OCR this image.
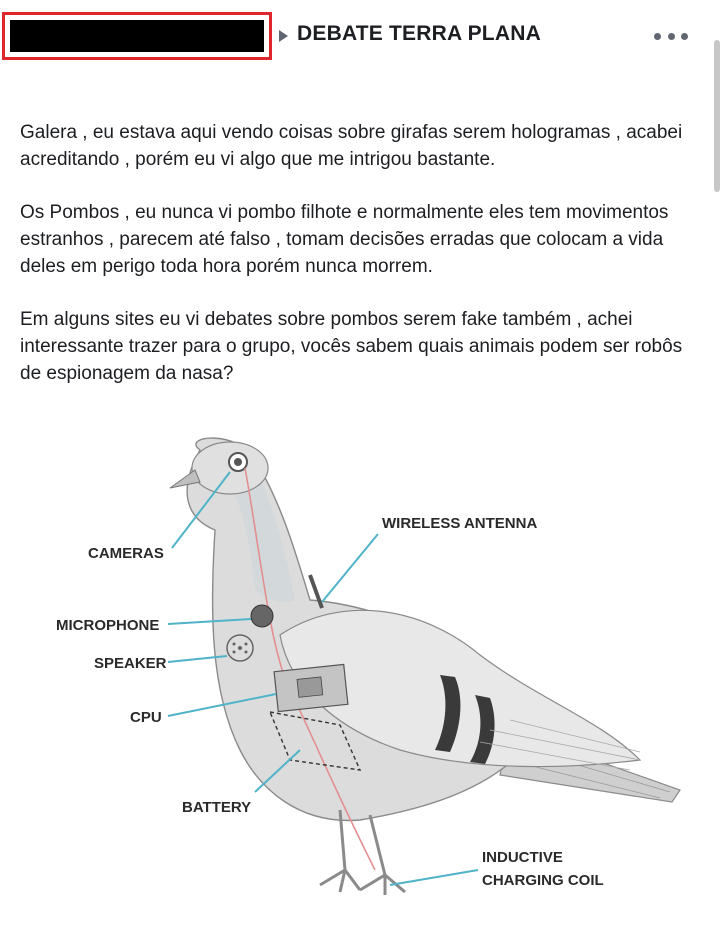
DEBATE TERRA PLANA

Galera , eu estava aqui vendo coisas sobre girafas serem hologramas , acabei acreditando , porém eu vi algo que me intrigou bastante.

Os Pombos , eu nunca vi pombo filhote e normalmente eles tem movimentos estranhos , parecem até falso , tomam decisões erradas que colocam a vida deles em perigo toda hora porém nunca morrem.

Em alguns sites eu vi debates sobre pombos serem fake também , achei interessante trazer para o grupo, vocês sabem quais animais podem ser robôs de espionagem da nasa?

CAMERAS
WIRELESS ANTENNA
MICROPHONE
SPEAKER
CPU
BATTERY
INDUCTIVE
CHARGING COIL
